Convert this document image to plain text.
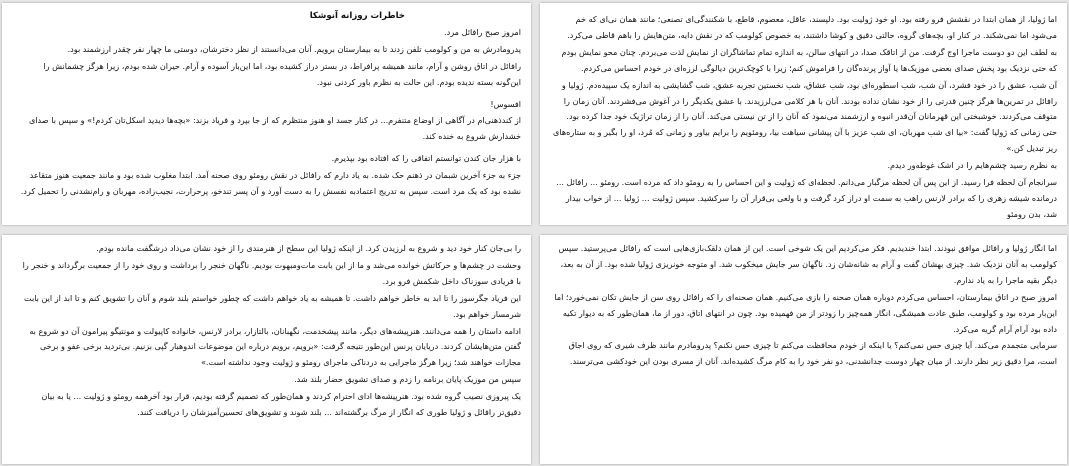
خاطرات روزانه آنوشکا

امروز صبح رافائل مرد.

پدرومادرش به من و کولومب تلفن زدند تا به بیمارستان برویم. آنان می‌دانستند از نظر دخترشان، دوستی ما چهار نفر چقدر ارزشمند بود.

رافائل در اتاق روشن و آرام، مانند همیشه پرافراط، در بستر دراز کشیده بود، اما این‌بار آسوده و آرام. حیران شده بودم، زیرا هرگز چشمانش را این‌گونه بسته ندیده بودم. این حالت به نظرم باور کردنی نبود.

افسوس!

از کندذهنی‌ام در آگاهی از اوضاع متنفرم... در کنار جسد او هنوز منتظرم که از جا بپرد و فریاد بزند: «بچه‌ها دیدید اسکل‌تان کردم!» و سپس با صدای خشدارش شروع به خنده کند.

با هزار جان کندن توانستم اتفاقی را که افتاده بود بپذیرم.

جزء به جزء آخرین شبمان در ذهنم حک شده. به یاد دارم که رافائل در نقش رومئو روی صحنه آمد. ابتدا مغلوب شده بود و مانند جمعیت هنوز متقاعد نشده بود که یک مرد است. سپس به تدریج اعتمادبه نفسش را به دست آورد و آن پسر تندخو، پرحرارت، نجیب‌زاده، مهربان و رام‌نشدنی را تحمیل کرد.

اما ژولیا، از همان ابتدا در نقشش فرو رفته بود. او خود ژولیت بود. دلپسند، عاقل، معصوم، قاطع، با شکنندگی‌ای تصنعی؛ مانند همان نی‌ای که خم می‌شود اما نمی‌شکند. در کنار او، بچه‌های گروه، حالتی دقیق و کوشا داشتند، به خصوص کولومب که در نقش دایه، متن‌هایش را باهم قاطی می‌کرد.

به لطف این دو دوست ماجرا اوج گرفت. من از اتاقک صدا، در انتهای سالن، به اندازه تمام تماشاگران از نمایش لذت می‌بردم. چنان محو نمایش بودم که حتی نزدیک بود پخش صدای بعضی موزیک‌ها یا آواز پرنده‌گان را فراموش کنم؛ زیرا با کوچک‌ترین دیالوگی لرزه‌ای در خودم احساس می‌کردم.

آن شب، عشق را در خود فشرد، آن شب، شب اسطوره‌ای بود، شب عشاق، شب نخستین تجربه عشق، شب گشایشی به اندازه یک سپیده‌دم. ژولیا و رافائل در تمرین‌ها هرگز چنین قدرتی را از خود نشان نداده بودند. آنان با هر کلامی می‌لرزیدند. با عشق یکدیگر را در آغوش می‌فشردند. آنان زمان را متوقف می‌کردند. خوشبختی این قهرمانان آن‌قدر انبوه و ارزشمند می‌نمود که آنان را از تن نیستی می‌کند. آنان را از زمان تراژیک خود جدا کرده بود. حتی زمانی که ژولیا گفت: «بیا ای شب مهربان، ای شب عزیز با آن پیشانی سیاهت بیا، رومئویم را برایم بیاور و زمانی که مُرد، او را بگیر و به ستاره‌های ریز تبدیل کن.»

به نظرم رسید چشم‌هایم را در اشک غوطه‌ور دیدم.

سرانجام آن لحظه فرا رسید. از این پس آن لحظه مرگبار می‌دانم. لحظه‌ای که ژولیت و این احساس را به رومئو داد که مرده است. رومئو ... رافائل ... درمانده شیشه زهری را که برادر لارنس راهب به سمت او دراز کرد گرفت و با ولعی بی‌قرار آن را سرکشید. سپس ژولیت ... ژولیا ... از خواب بیدار شد، بدن رومئو

را بی‌جان کنار خود دید و شروع به لرزیدن کرد. از اینکه ژولیا این سطح از هنرمندی را از خود نشان می‌داد درشگفت مانده بودم.

وحشت در چشم‌ها و حرکاتش خوانده می‌شد و ما از این بابت مات‌ومبهوت بودیم. ناگهان خنجر را برداشت و روی خود را از جمعیت برگرداند و خنجر را با فریادی سوزناک داخل شکمش فرو برد.

این فریاد جگرسوز را تا ابد به خاطر خواهم داشت. تا همیشه به یاد خواهم داشت که چطور خواستم بلند شوم و آنان را تشویق کنم و تا ابد از این بابت شرمسار خواهم بود.

ادامه داستان را همه می‌دانند. هنرپیشه‌های دیگر، مانند پیشخدمت، نگهبانان، بالتازار، برادر لارنس، خانواده کاپیولت و مونتیگو پیرامون آن دو شروع به گفتن متن‌هایشان کردند. دریایان پرنس این‌طور نتیجه گرفت: «برویم، برویم درباره این موضوعات اندوهبار گپی بزنیم. بی‌تردید برخی عفو و برخی مجازات خواهند شد؛ زیرا هرگز ماجرایی به دردناکی ماجرای رومئو و ژولیت وجود نداشته است.»

سپس من موزیک پایان برنامه را زدم و صدای تشویق حضار بلند شد.

یک پیروزی نصیب گروه شده بود. هنرپیشه‌ها ادای احترام کردند و همان‌طور که تصمیم گرفته بودیم، قرار بود آخرهمه رومئو و ژولیت ... یا به بیان دقیق‌تر رافائل و ژولیا طوری که انگار از مرگ برگشته‌اند ... بلند شوند و تشویق‌های تحسین‌آمیزشان را دریافت کنند.

اما انگار ژولیا و رافائل موافق نبودند. ابتدا خندیدیم. فکر می‌کردیم این یک شوخی است. این از همان دلقک‌بازی‌هایی است که رافائل می‌پرستید. سپس کولومب به آنان نزدیک شد. چیزی بهشان گفت و آرام به شانه‌شان زد. ناگهان سر جایش میخکوب شد. او متوجه خونریزی ژولیا شده بود. از آن به بعد، دیگر بقیه ماجرا را به یاد ندارم.

امروز صبح در اتاق بیمارستان، احساس می‌کردم دوباره همان صحنه را بازی می‌کنیم. همان صحنه‌ای را که رافائل روی سن از جایش تکان نمی‌خورد؛ اما این‌بار مرده بود و کولومب، طبق عادت همیشگی، انگار همه‌چیز را زودتر از من فهمیده بود. چون در انتهای اتاق، دور از ما، همان‌طور که به دیوار تکیه داده بود آرام آرام گریه می‌کرد.

سرمایی متجمدم می‌کند. آیا چیزی حس نمی‌کنم؟ یا اینکه از خودم محافظت می‌کنم تا چیزی حس نکنم؟ پدرومادرم مانند ظرف شیری که روی اجاق است، مرا دقیق زیر نظر دارند. از میان چهار دوست جدانشدنی، دو نفر خود را به کام مرگ کشیده‌اند. آنان از مسری بودن این خودکشی می‌ترسند.
